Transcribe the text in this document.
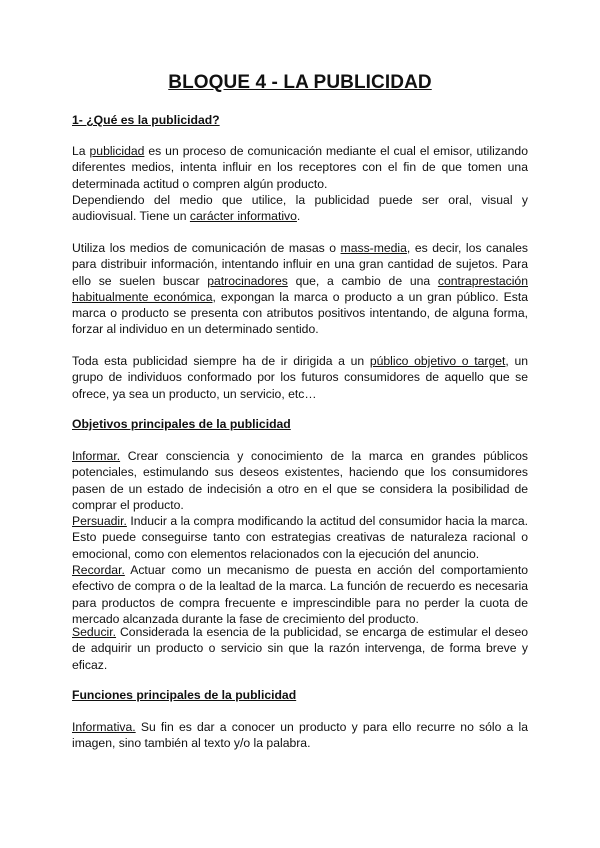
BLOQUE 4 - LA PUBLICIDAD
1- ¿Qué es la publicidad?

La publicidad es un proceso de comunicación mediante el cual el emisor, utilizando diferentes medios, intenta influir en los receptores con el fin de que tomen una determinada actitud o compren algún producto.

Dependiendo del medio que utilice, la publicidad puede ser oral, visual y audiovisual. Tiene un carácter informativo.

Utiliza los medios de comunicación de masas o mass-media, es decir, los canales para distribuir información, intentando influir en una gran cantidad de sujetos. Para ello se suelen buscar patrocinadores que, a cambio de una contraprestación habitualmente económica, expongan la marca o producto a un gran público. Esta marca o producto se presenta con atributos positivos intentando, de alguna forma, forzar al individuo en un determinado sentido.

Toda esta publicidad siempre ha de ir dirigida a un público objetivo o target, un grupo de individuos conformado por los futuros consumidores de aquello que se ofrece, ya sea un producto, un servicio, etc…

Objetivos principales de la publicidad

Informar. Crear consciencia y conocimiento de la marca en grandes públicos potenciales, estimulando sus deseos existentes, haciendo que los consumidores pasen de un estado de indecisión a otro en el que se considera la posibilidad de comprar el producto.

Persuadir. Inducir a la compra modificando la actitud del consumidor hacia la marca. Esto puede conseguirse tanto con estrategias creativas de naturaleza racional o emocional, como con elementos relacionados con la ejecución del anuncio.

Recordar. Actuar como un mecanismo de puesta en acción del comportamiento efectivo de compra o de la lealtad de la marca. La función de recuerdo es necesaria para productos de compra frecuente e imprescindible para no perder la cuota de mercado alcanzada durante la fase de crecimiento del producto.

Seducir. Considerada la esencia de la publicidad, se encarga de estimular el deseo de adquirir un producto o servicio sin que la razón intervenga, de forma breve y eficaz.

Funciones principales de la publicidad

Informativa. Su fin es dar a conocer un producto y para ello recurre no sólo a la imagen, sino también al texto y/o la palabra.
